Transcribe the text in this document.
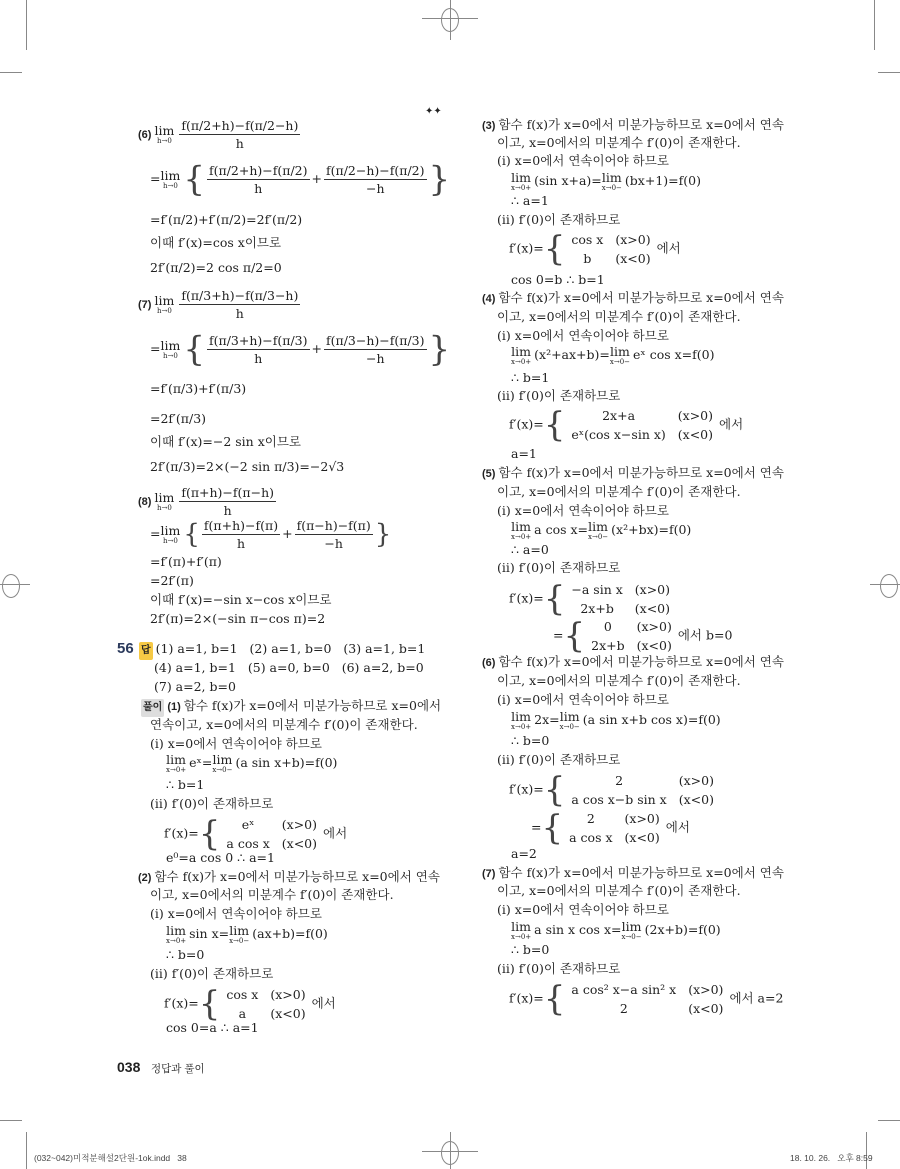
✦✦
(6) lim
$h\to 0 \frac{f(\pi/2+h)-f(\pi/2-h)}{h}$
= lim
h→0 { $\frac{f(\pi/2+h)-f(\pi/2)}{h} + \frac{f(\pi/2-h)-f(\pi/2)}{-h}$ }
=f′(π/2)+f′(π/2)=2f′(π/2)
이때 f′(x)=cos x이므로
2f′(π/2)=2 cos π/2=0
(7) lim
$h\to 0 \frac{f(\pi/3+h)-f(\pi/3-h)}{h}$
= lim
h→0 { $\frac{f(\pi/3+h)-f(\pi/3)}{h} + \frac{f(\pi/3-h)-f(\pi/3)}{-h}$ }
=f′(π/3)+f′(π/3)
=2f′(π/3)
이때 f′(x)=−2 sin x이므로
2f′(π/3)=2×(−2 sin π/3)=−2√3
(8) lim
$h\to 0 \frac{f(\pi+h)-f(\pi-h)}{h}$
= lim
h→0 { $\frac{f(\pi+h)-f(\pi)}{h} + \frac{f(\pi-h)-f(\pi)}{-h}$ }
=f′(π)+f′(π)
=2f′(π)
이때 f′(x)=−sin x−cos x이므로
2f′(π)=2×(−sin π−cos π)=2
56 답 (1) a=1, b=1 (2) a=1, b=0 (3) a=1, b=1
(4) a=1, b=1 (5) a=0, b=0 (6) a=2, b=0
(7) a=2, b=0
풀이 (1) 함수 f(x)가 x=0에서 미분가능하므로 x=0에서
연속이고, x=0에서의 미분계수 f′(0)이 존재한다.
(ⅰ) x=0에서 연속이어야 하므로
lim
x→0+ eˣ= lim
x→0− (a sin x+b)=f(0)
∴ b=1
(ⅱ) f′(0)이 존재하므로
f′(x)={ eˣ	(x>0)
a cos x	(x<0)에서
e⁰=a cos 0 ∴ a=1
(2) 함수 f(x)가 x=0에서 미분가능하므로 x=0에서 연속
이고, x=0에서의 미분계수 f′(0)이 존재한다.
(ⅰ) x=0에서 연속이어야 하므로
lim
x→0+ sin x= lim
x→0− (ax+b)=f(0)
∴ b=0
(ⅱ) f′(0)이 존재하므로
f′(x)={ cos x	(x>0)
a	(x<0)에서
cos 0=a ∴ a=1
(3) 함수 f(x)가 x=0에서 미분가능하므로 x=0에서 연속
이고, x=0에서의 미분계수 f′(0)이 존재한다.
(ⅰ) x=0에서 연속이어야 하므로
lim
x→0+ (sin x+a)= lim
x→0− (bx+1)=f(0)
∴ a=1
(ⅱ) f′(0)이 존재하므로
f′(x)={ cos x	(x>0)
b	(x<0)에서
cos 0=b ∴ b=1
(4) 함수 f(x)가 x=0에서 미분가능하므로 x=0에서 연속
이고, x=0에서의 미분계수 f′(0)이 존재한다.
(ⅰ) x=0에서 연속이어야 하므로
lim
x→0+ (x²+ax+b)= lim
x→0− eˣ cos x=f(0)
∴ b=1
(ⅱ) f′(0)이 존재하므로
f′(x)={	2x+a	(x>0)
eˣ(cos x−sin x)	(x<0)에서
a=1
(5) 함수 f(x)가 x=0에서 미분가능하므로 x=0에서 연속
이고, x=0에서의 미분계수 f′(0)이 존재한다.
(ⅰ) x=0에서 연속이어야 하므로
lim
x→0+ a cos x= lim
x→0− (x²+bx)=f(0)
∴ a=0
(ⅱ) f′(0)이 존재하므로
f′(x)={ −a sin x	(x>0)
2x+b	(x<0)
={ 0	(x>0)
2x+b	(x<0)에서 b=0
(6) 함수 f(x)가 x=0에서 미분가능하므로 x=0에서 연속
이고, x=0에서의 미분계수 f′(0)이 존재한다.
(ⅰ) x=0에서 연속이어야 하므로
lim
x→0+ 2x= lim
x→0− (a sin x+b cos x)=f(0)
∴ b=0
(ⅱ) f′(0)이 존재하므로
f′(x)={	2	(x>0)
a cos x−b sin x	(x<0)
={ 2	(x>0)
a cos x	(x<0)에서
a=2
(7) 함수 f(x)가 x=0에서 미분가능하므로 x=0에서 연속
이고, x=0에서의 미분계수 f′(0)이 존재한다.
(ⅰ) x=0에서 연속이어야 하므로
lim
x→0+ a sin x cos x= lim
x→0− (2x+b)=f(0)
∴ b=0
(ⅱ) f′(0)이 존재하므로
f′(x)={ a cos² x−a sin² x	(x>0)
2	(x<0)에서 a=2
038 정답과 풀이
(032~042)미적분해설2단원-1ok.indd   38	18. 10. 26.   오후 8:59
